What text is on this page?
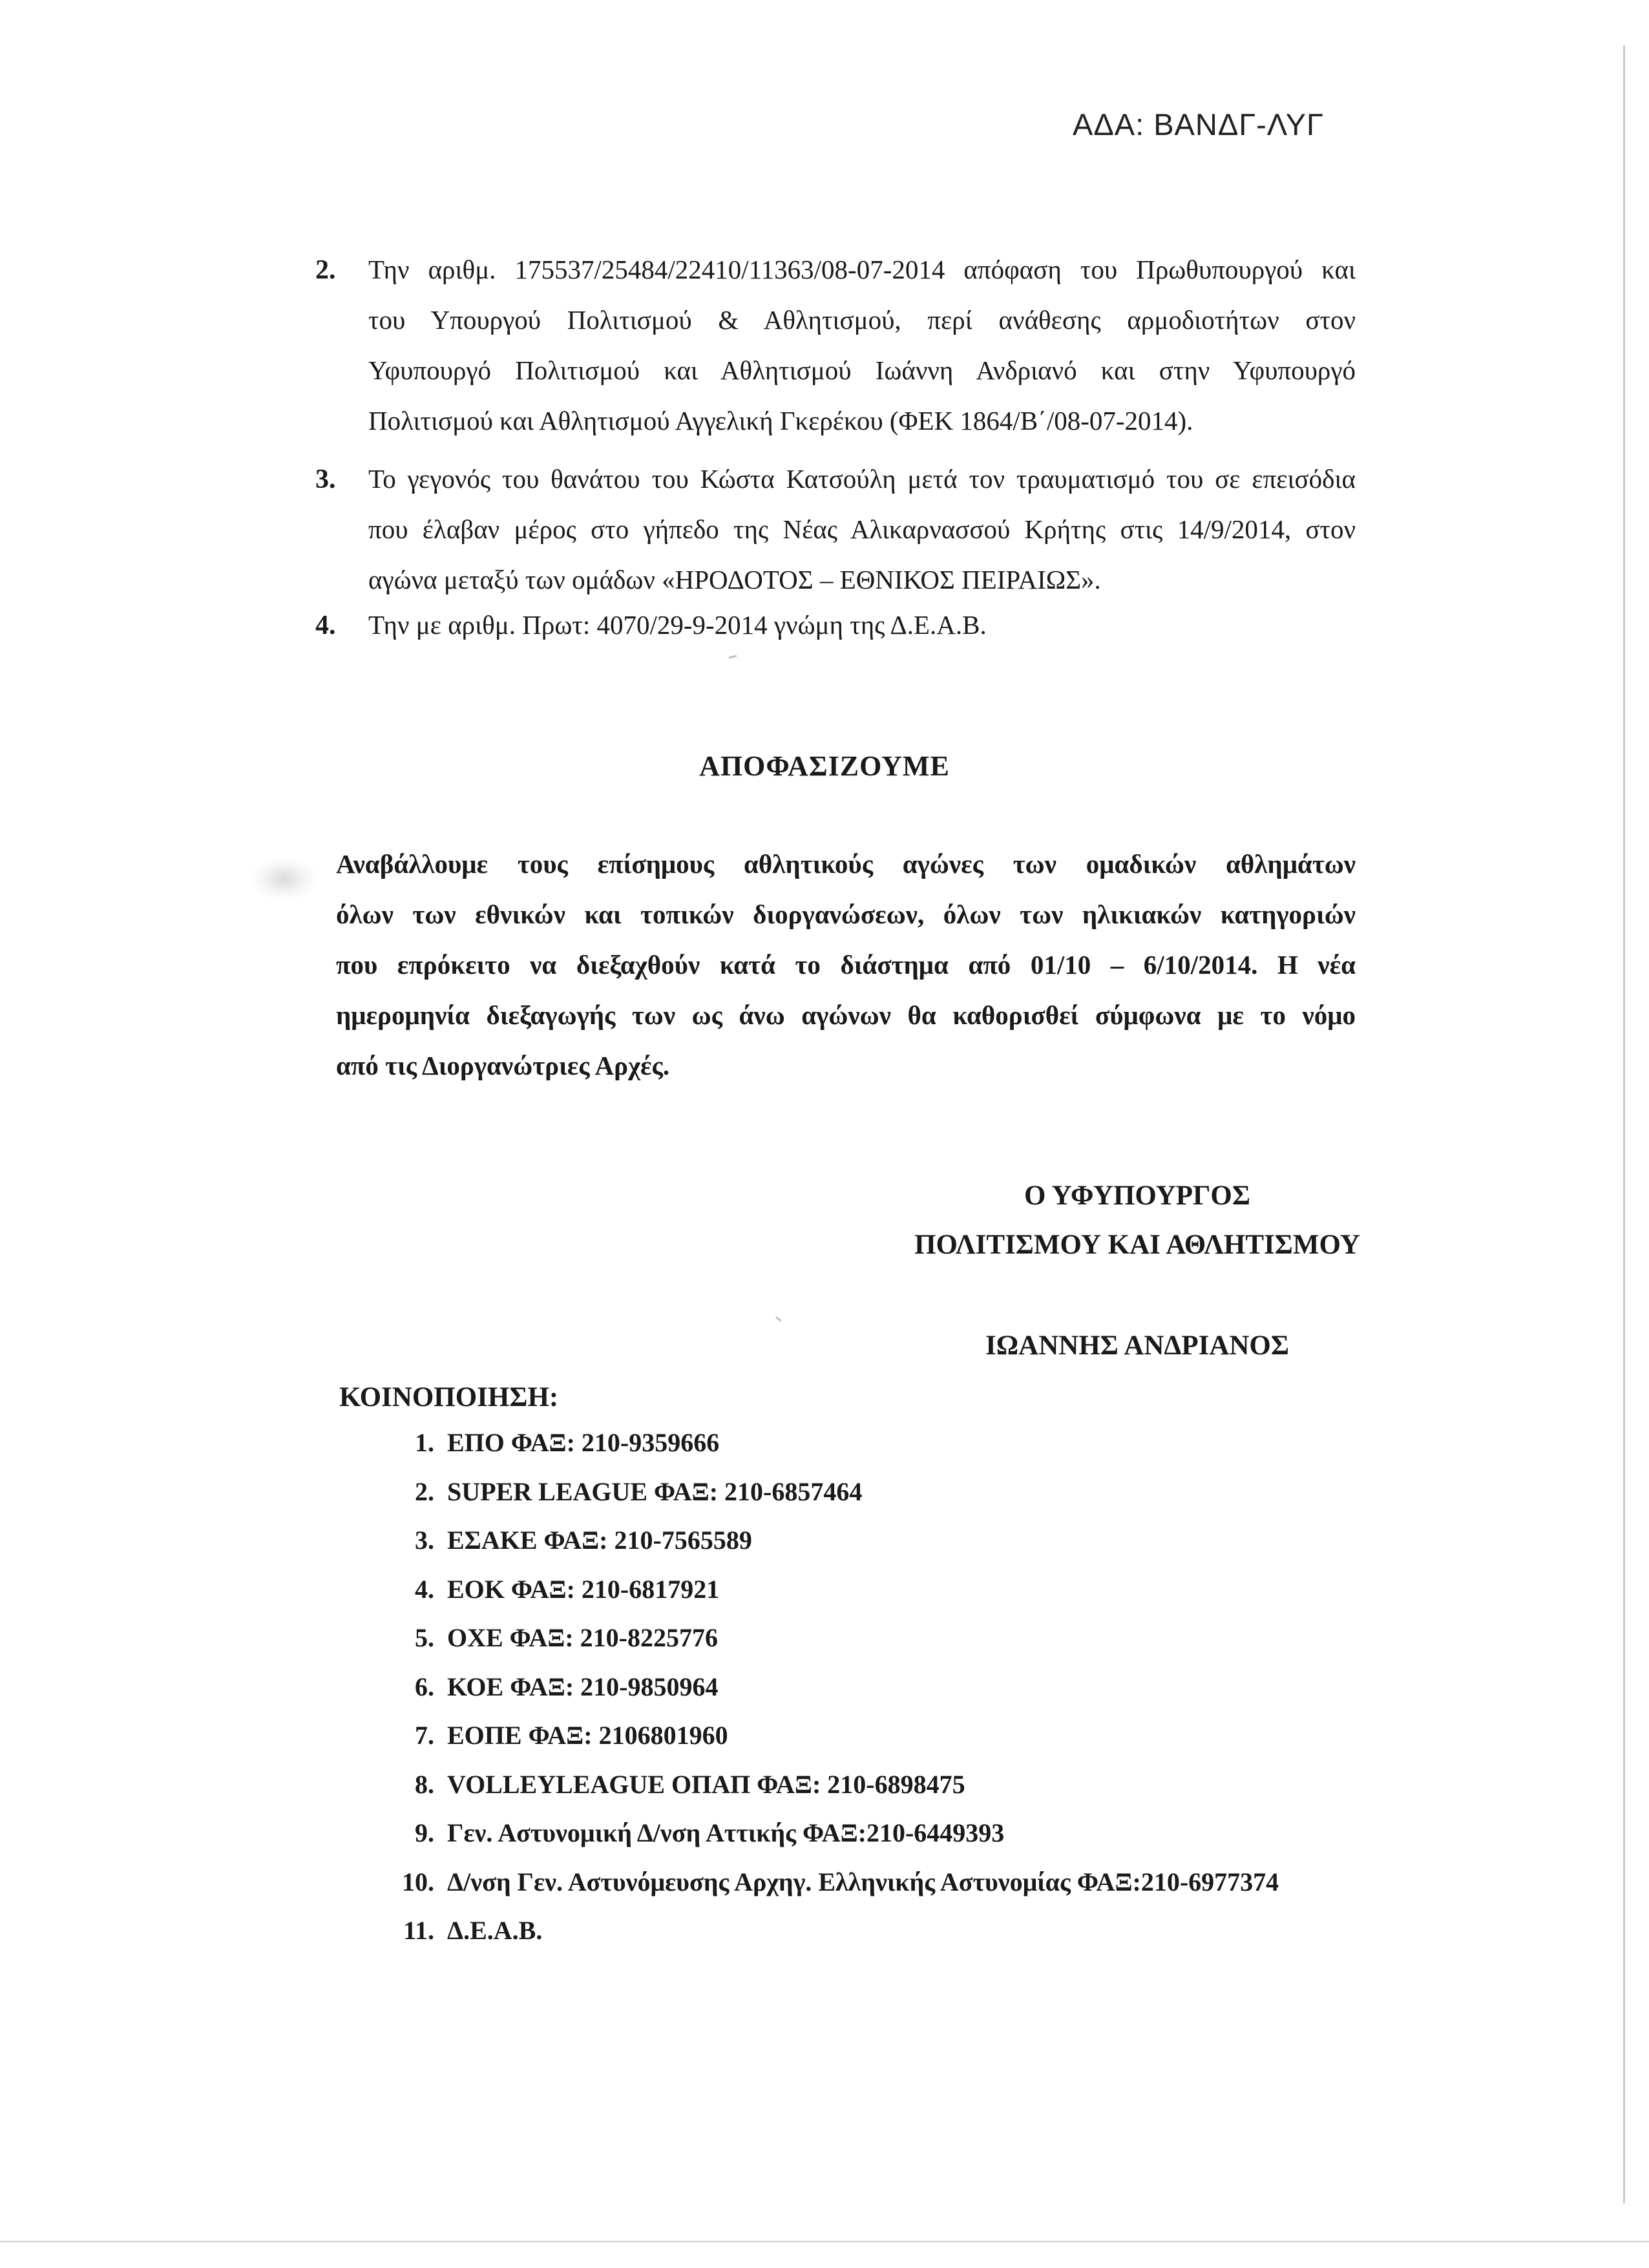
ΑΔΑ: ΒΑΝΔΓ-ΛΥΓ
2. Την αριθμ. 175537/25484/22410/11363/08-07-2014 απόφαση του Πρωθυπουργού και
του Υπουργού Πολιτισμού & Αθλητισμού, περί ανάθεσης αρμοδιοτήτων στον
Υφυπουργό Πολιτισμού και Αθλητισμού Ιωάννη Ανδριανό και στην Υφυπουργό
Πολιτισμού και Αθλητισμού Αγγελική Γκερέκου (ΦΕΚ 1864/Β΄/08-07-2014).
3. Το γεγονός του θανάτου του Κώστα Κατσούλη μετά τον τραυματισμό του σε επεισόδια
που έλαβαν μέρος στο γήπεδο της Νέας Αλικαρνασσού Κρήτης στις 14/9/2014, στον
αγώνα μεταξύ των ομάδων «ΗΡΟΔΟΤΟΣ – ΕΘΝΙΚΟΣ ΠΕΙΡΑΙΩΣ».
4. Την με αριθμ. Πρωτ: 4070/29-9-2014 γνώμη της Δ.Ε.Α.Β.
ΑΠΟΦΑΣΙΖΟΥΜΕ
Αναβάλλουμε τους επίσημους αθλητικούς αγώνες των ομαδικών αθλημάτων
όλων των εθνικών και τοπικών διοργανώσεων, όλων των ηλικιακών κατηγοριών
που επρόκειτο να διεξαχθούν κατά το διάστημα από 01/10 – 6/10/2014. Η νέα
ημερομηνία διεξαγωγής των ως άνω αγώνων θα καθορισθεί σύμφωνα με το νόμο
από τις Διοργανώτριες Αρχές.
Ο ΥΦΥΠΟΥΡΓΟΣ
ΠΟΛΙΤΙΣΜΟΥ ΚΑΙ ΑΘΛΗΤΙΣΜΟΥ
ΙΩΑΝΝΗΣ ΑΝΔΡΙΑΝΟΣ
ΚΟΙΝΟΠΟΙΗΣΗ:
1. ΕΠΟ ΦΑΞ: 210-9359666
2. SUPER LEAGUE ΦΑΞ: 210-6857464
3. ΕΣΑΚΕ ΦΑΞ: 210-7565589
4. ΕΟΚ ΦΑΞ: 210-6817921
5. ΟΧΕ ΦΑΞ: 210-8225776
6. ΚΟΕ ΦΑΞ: 210-9850964
7. ΕΟΠΕ ΦΑΞ: 2106801960
8. VOLLEYLEAGUE ΟΠΑΠ ΦΑΞ: 210-6898475
9. Γεν. Αστυνομική Δ/νση Αττικής ΦΑΞ:210-6449393
10. Δ/νση Γεν. Αστυνόμευσης Αρχηγ. Ελληνικής Αστυνομίας ΦΑΞ:210-6977374
11. Δ.Ε.Α.Β.
